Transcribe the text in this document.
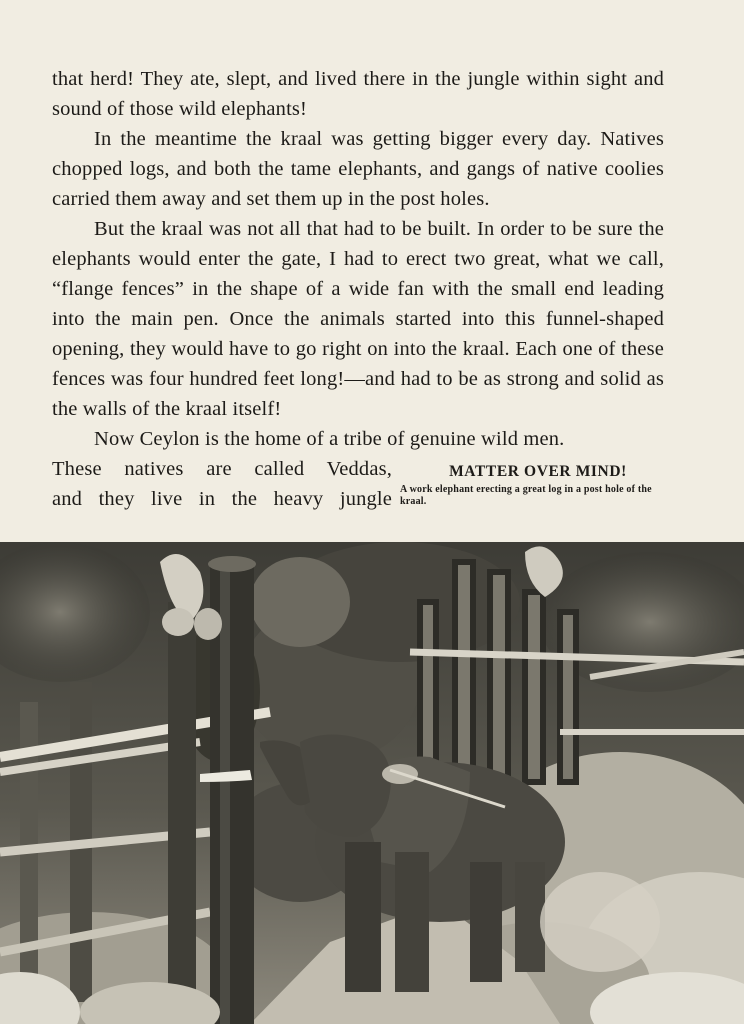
that herd! They ate, slept, and lived there in the jungle within sight and sound of those wild elephants!

In the meantime the kraal was getting bigger every day. Natives chopped logs, and both the tame elephants, and gangs of native coolies carried them away and set them up in the post holes.

But the kraal was not all that had to be built. In order to be sure the elephants would enter the gate, I had to erect two great, what we call, “flange fences” in the shape of a wide fan with the small end leading into the main pen. Once the animals started into this funnel-shaped opening, they would have to go right on into the kraal. Each one of these fences was four hundred feet long!—and had to be as strong and solid as the walls of the kraal itself!

Now Ceylon is the home of a tribe of genuine wild men.

These natives are called Veddas,
and they live in the heavy jungle
MATTER OVER MIND!
A work elephant erecting a great log in a post hole of the kraal.
